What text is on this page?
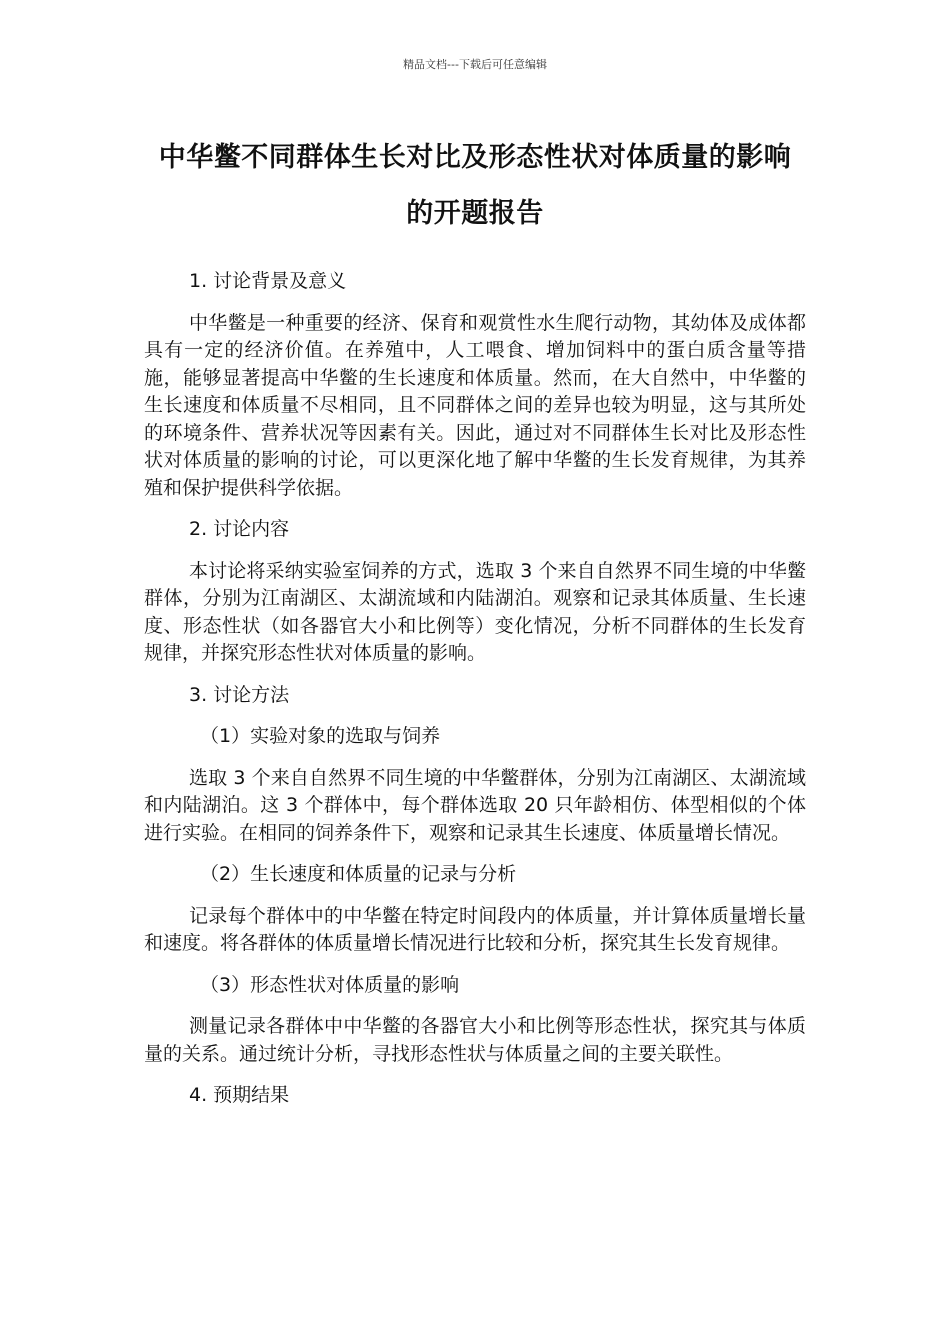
精品文档---下载后可任意编辑
中华鳖不同群体生长对比及形态性状对体质量的影响
的开题报告

1. 讨论背景及意义

中华鳖是一种重要的经济、保育和观赏性水生爬行动物，其幼体及成体都具有一定的经济价值。在养殖中，人工喂食、增加饲料中的蛋白质含量等措施，能够显著提高中华鳖的生长速度和体质量。然而，在大自然中，中华鳖的生长速度和体质量不尽相同，且不同群体之间的差异也较为明显，这与其所处的环境条件、营养状况等因素有关。因此，通过对不同群体生长对比及形态性状对体质量的影响的讨论，可以更深化地了解中华鳖的生长发育规律，为其养殖和保护提供科学依据。

2. 讨论内容

本讨论将采纳实验室饲养的方式，选取 3 个来自自然界不同生境的中华鳖群体，分别为江南湖区、太湖流域和内陆湖泊。观察和记录其体质量、生长速度、形态性状（如各器官大小和比例等）变化情况，分析不同群体的生长发育规律，并探究形态性状对体质量的影响。

3. 讨论方法

（1）实验对象的选取与饲养

选取 3 个来自自然界不同生境的中华鳖群体，分别为江南湖区、太湖流域和内陆湖泊。这 3 个群体中，每个群体选取 20 只年龄相仿、体型相似的个体进行实验。在相同的饲养条件下，观察和记录其生长速度、体质量增长情况。

（2）生长速度和体质量的记录与分析

记录每个群体中的中华鳖在特定时间段内的体质量，并计算体质量增长量和速度。将各群体的体质量增长情况进行比较和分析，探究其生长发育规律。

（3）形态性状对体质量的影响

测量记录各群体中中华鳖的各器官大小和比例等形态性状，探究其与体质量的关系。通过统计分析，寻找形态性状与体质量之间的主要关联性。

4. 预期结果
